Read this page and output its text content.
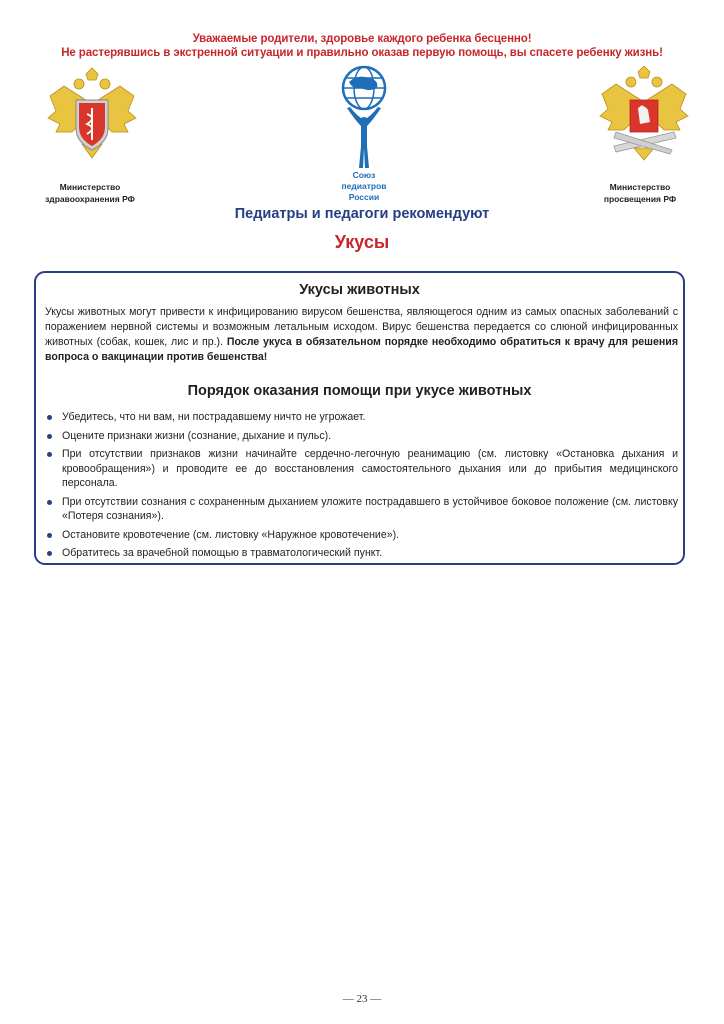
Уважаемые родители, здоровье каждого ребенка бесценно!
Не растерявшись в экстренной ситуации и правильно оказав первую помощь, вы спасете ребенку жизнь!
Министерство
здравоохранения РФ
Союз
педиатров
России
Министерство
просвещения РФ
Педиатры и педагоги рекомендуют
Укусы
Укусы животных
Укусы животных могут привести к инфицированию вирусом бешенства, являющегося одним из самых опасных заболеваний с поражением нервной системы и возможным летальным исходом. Вирус бешенства передается со слюной инфицированных животных (собак, кошек, лис и пр.). После укуса в обязательном порядке необходимо обратиться к врачу для решения вопроса о вакцинации против бешенства!
Порядок оказания помощи при укусе животных
Убедитесь, что ни вам, ни пострадавшему ничто не угрожает.
Оцените признаки жизни (сознание, дыхание и пульс).
При отсутствии признаков жизни начинайте сердечно-легочную реанимацию (см. листовку «Остановка дыхания и кровообращения») и проводите ее до восстановления самостоятельного дыхания или до прибытия медицинского персонала.
При отсутствии сознания с сохраненным дыханием уложите пострадавшего в устойчивое боковое положение (см. листовку «Потеря сознания»).
Остановите кровотечение (см. листовку «Наружное кровотечение»).
Обратитесь за врачебной помощью в травматологический пункт.
— 23 —
